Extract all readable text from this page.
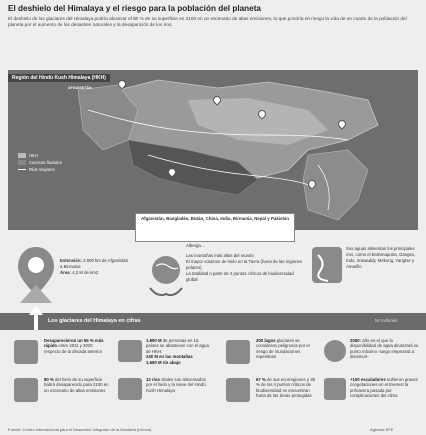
El deshielo del Himalaya y el riesgo para la población del planeta
El deshielo de los glaciares del Himalaya podría alcanzar el 80 % de su superficie en 2100 en un escenario de altas emisiones, lo que pondría en riesgo la vida de un cuarto de la población del planeta por el aumento de los desastres naturales y la desaparición de los ríos.
Región del Hindú Kush Himalaya (HKH)
AFGANISTÁN
HKH
Cuencas fluviales
Ríos mayores
Afganistán, Bangladés, Bután, China, India, Birmania, Nepal y Pakistán
Extensión: 3.500 km de Afganistán a Birmania
Área: 4,2 M de km2
Alberga...
Las montañas más altas del mundo
El mayor volumen de hielo en la Tierra (fuera de las regiones polares)
La totalidad o parte de 4 puntos críticos de biodiversidad global
Sus aguas alimentan los principales ríos, como el Brahmaputra, Ganges, Indo, Irrawaddy, Mekong, Yangtse y Amarillo
Los glaciares del Himalaya en cifras	M: millones
Desaparecieron un 65 % más rápido entre 2011 y 2020 respecto de la década anterior
1.890 M de personas en 16 países se abastecen con el agua de HKH:
240 M en las montañas
1.650 M río abajo
200 lagos glaciares se consideran peligrosos por el riesgo de inundaciones repentinas
2050: año en el que la disponibilidad de agua alcanzará su punto máximo -luego empezará a disminuir-
80 % del hielo de su superficie habrá desaparecido para 2100 en un escenario de altas emisiones
12 ríos vitales son alimentados por el hielo y la nieve del Hindú Kush Himalaya
67 % de sus ecorregiones y 39 % de los 4 puntos críticos de biodiversidad se encuentran fuera de las áreas protegidas
+100 escaladores sufrieron graves congelaciones en el Everest la primavera pasada por complicaciones del clima
Fuente: Centro Internacional para el Desarrollo Integrado de la Montaña (Icimod)	Agencia EFE
